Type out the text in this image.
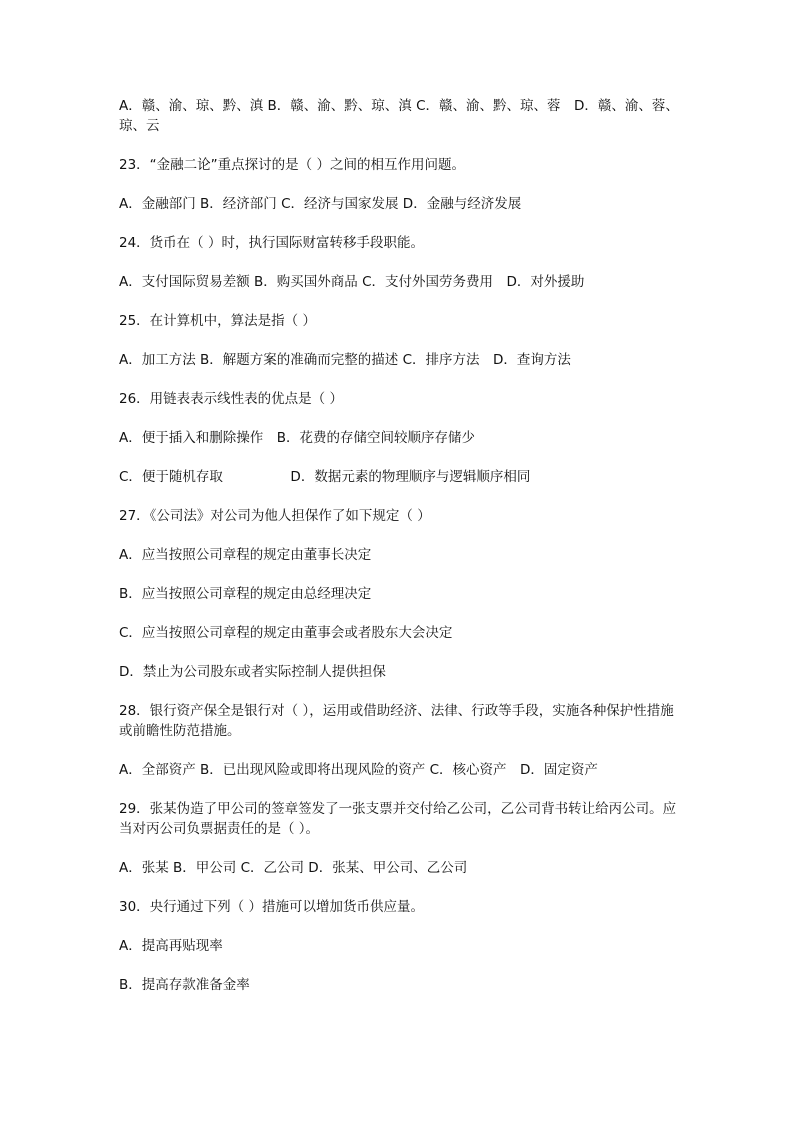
A．赣、渝、琼、黔、滇 B．赣、渝、黔、琼、滇 C．赣、渝、黔、琼、蓉　D．赣、渝、蓉、琼、云

23．“金融二论”重点探讨的是（ ）之间的相互作用问题。

A．金融部门 B．经济部门 C．经济与国家发展 D．金融与经济发展

24．货币在（ ）时，执行国际财富转移手段职能。

A．支付国际贸易差额 B．购买国外商品 C．支付外国劳务费用　D．对外援助

25．在计算机中，算法是指（ ）

A．加工方法 B．解题方案的准确而完整的描述 C．排序方法　D．查询方法

26．用链表表示线性表的优点是（ ）

A．便于插入和删除操作　B．花费的存储空间较顺序存储少

C．便于随机存取　　　　　D．数据元素的物理顺序与逻辑顺序相同

27．《公司法》对公司为他人担保作了如下规定（ ）

A．应当按照公司章程的规定由董事长决定

B．应当按照公司章程的规定由总经理决定

C．应当按照公司章程的规定由董事会或者股东大会决定

D．禁止为公司股东或者实际控制人提供担保

28．银行资产保全是银行对（ ），运用或借助经济、法律、行政等手段，实施各种保护性措施或前瞻性防范措施。

A．全部资产 B．已出现风险或即将出现风险的资产 C．核心资产　D．固定资产

29．张某伪造了甲公司的签章签发了一张支票并交付给乙公司，乙公司背书转让给丙公司。应当对丙公司负票据责任的是（ ）。

A．张某 B．甲公司 C．乙公司 D．张某、甲公司、乙公司

30．央行通过下列（ ）措施可以增加货币供应量。

A．提高再贴现率

B．提高存款准备金率
